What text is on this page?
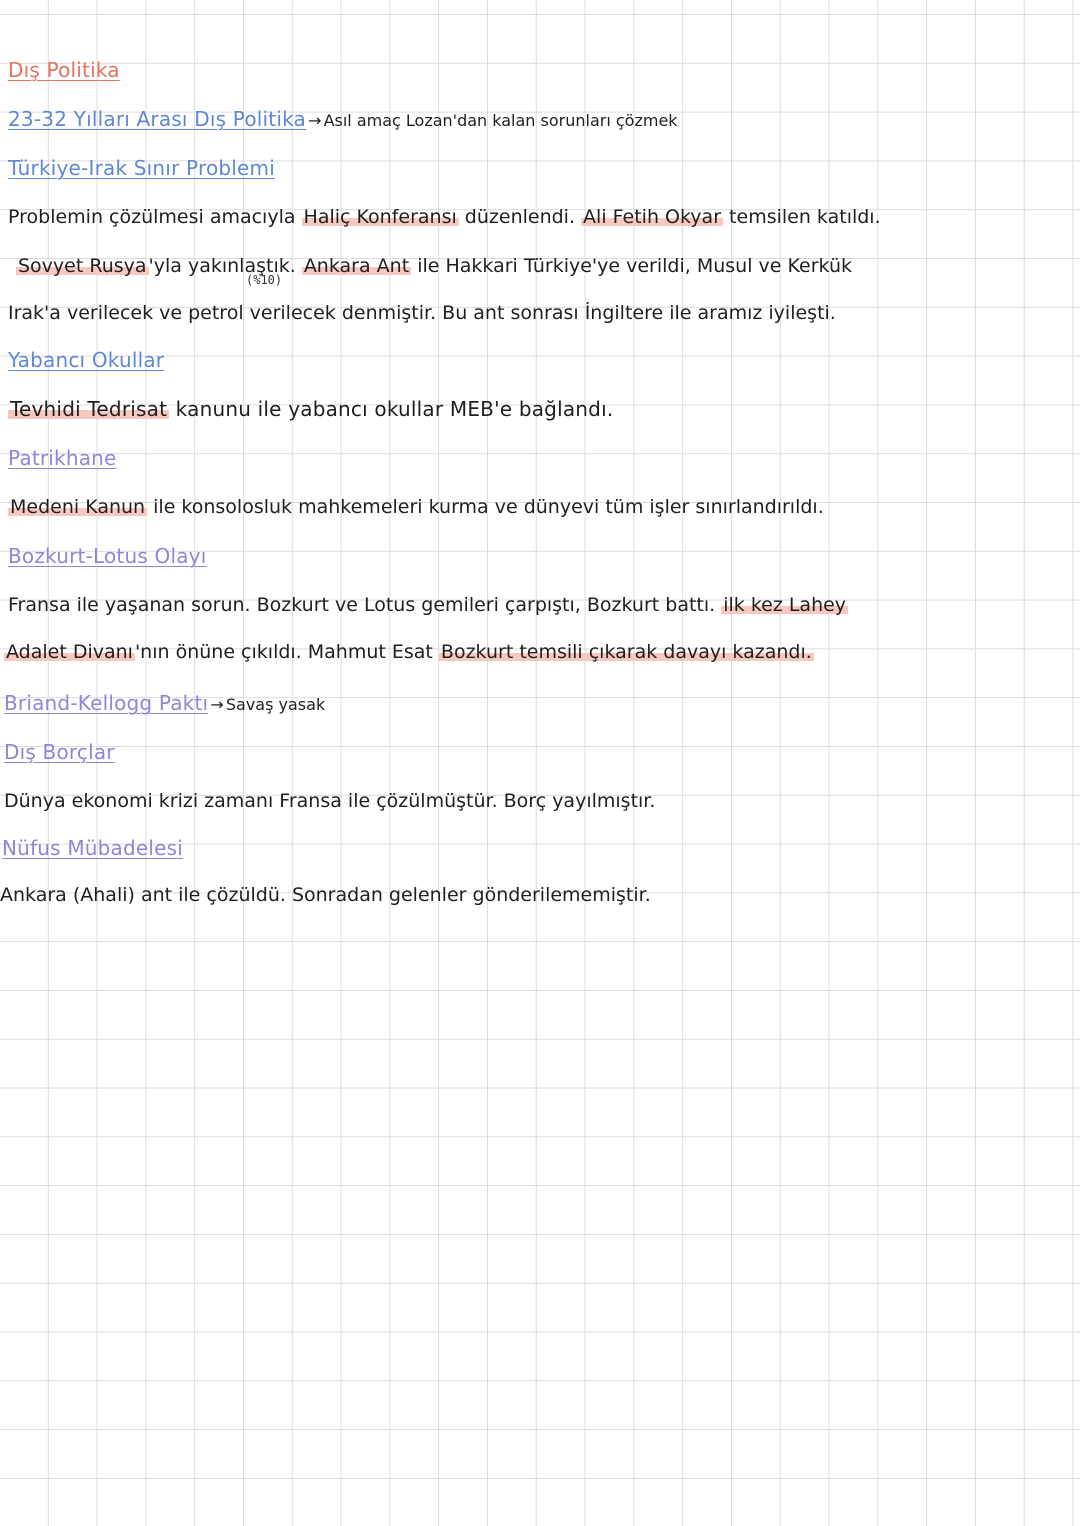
Dış Politika
23-32 Yılları Arası Dış Politika → Asıl amaç Lozan'dan kalan sorunları çözmek
Türkiye-Irak Sınır Problemi
Problemin çözülmesi amacıyla Haliç Konferansı düzenlendi. Ali Fetih Okyar temsilen katıldı.
Sovyet Rusya 'yla yakınlaştık. Ankara Ant ile Hakkari Türkiye'ye verildi, Musul ve Kerkük
(%10)
Irak'a verilecek ve petrol verilecek denmiştir. Bu ant sonrası İngiltere ile aramız iyileşti.
Yabancı Okullar
Tevhidi Tedrisat kanunu ile yabancı okullar MEB'e bağlandı.
Patrikhane
Medeni Kanun ile konsolosluk mahkemeleri kurma ve dünyevi tüm işler sınırlandırıldı.
Bozkurt-Lotus Olayı
Fransa ile yaşanan sorun. Bozkurt ve Lotus gemileri çarpıştı, Bozkurt battı. ilk kez Lahey
Adalet Divanı 'nın önüne çıkıldı. Mahmut Esat Bozkurt temsili çıkarak davayı kazandı.
Briand-Kellogg Paktı → Savaş yasak
Dış Borçlar
Dünya ekonomi krizi zamanı Fransa ile çözülmüştür. Borç yayılmıştır.
Nüfus Mübadelesi
Ankara (Ahali) ant ile çözüldü. Sonradan gelenler gönderilememiştir.
